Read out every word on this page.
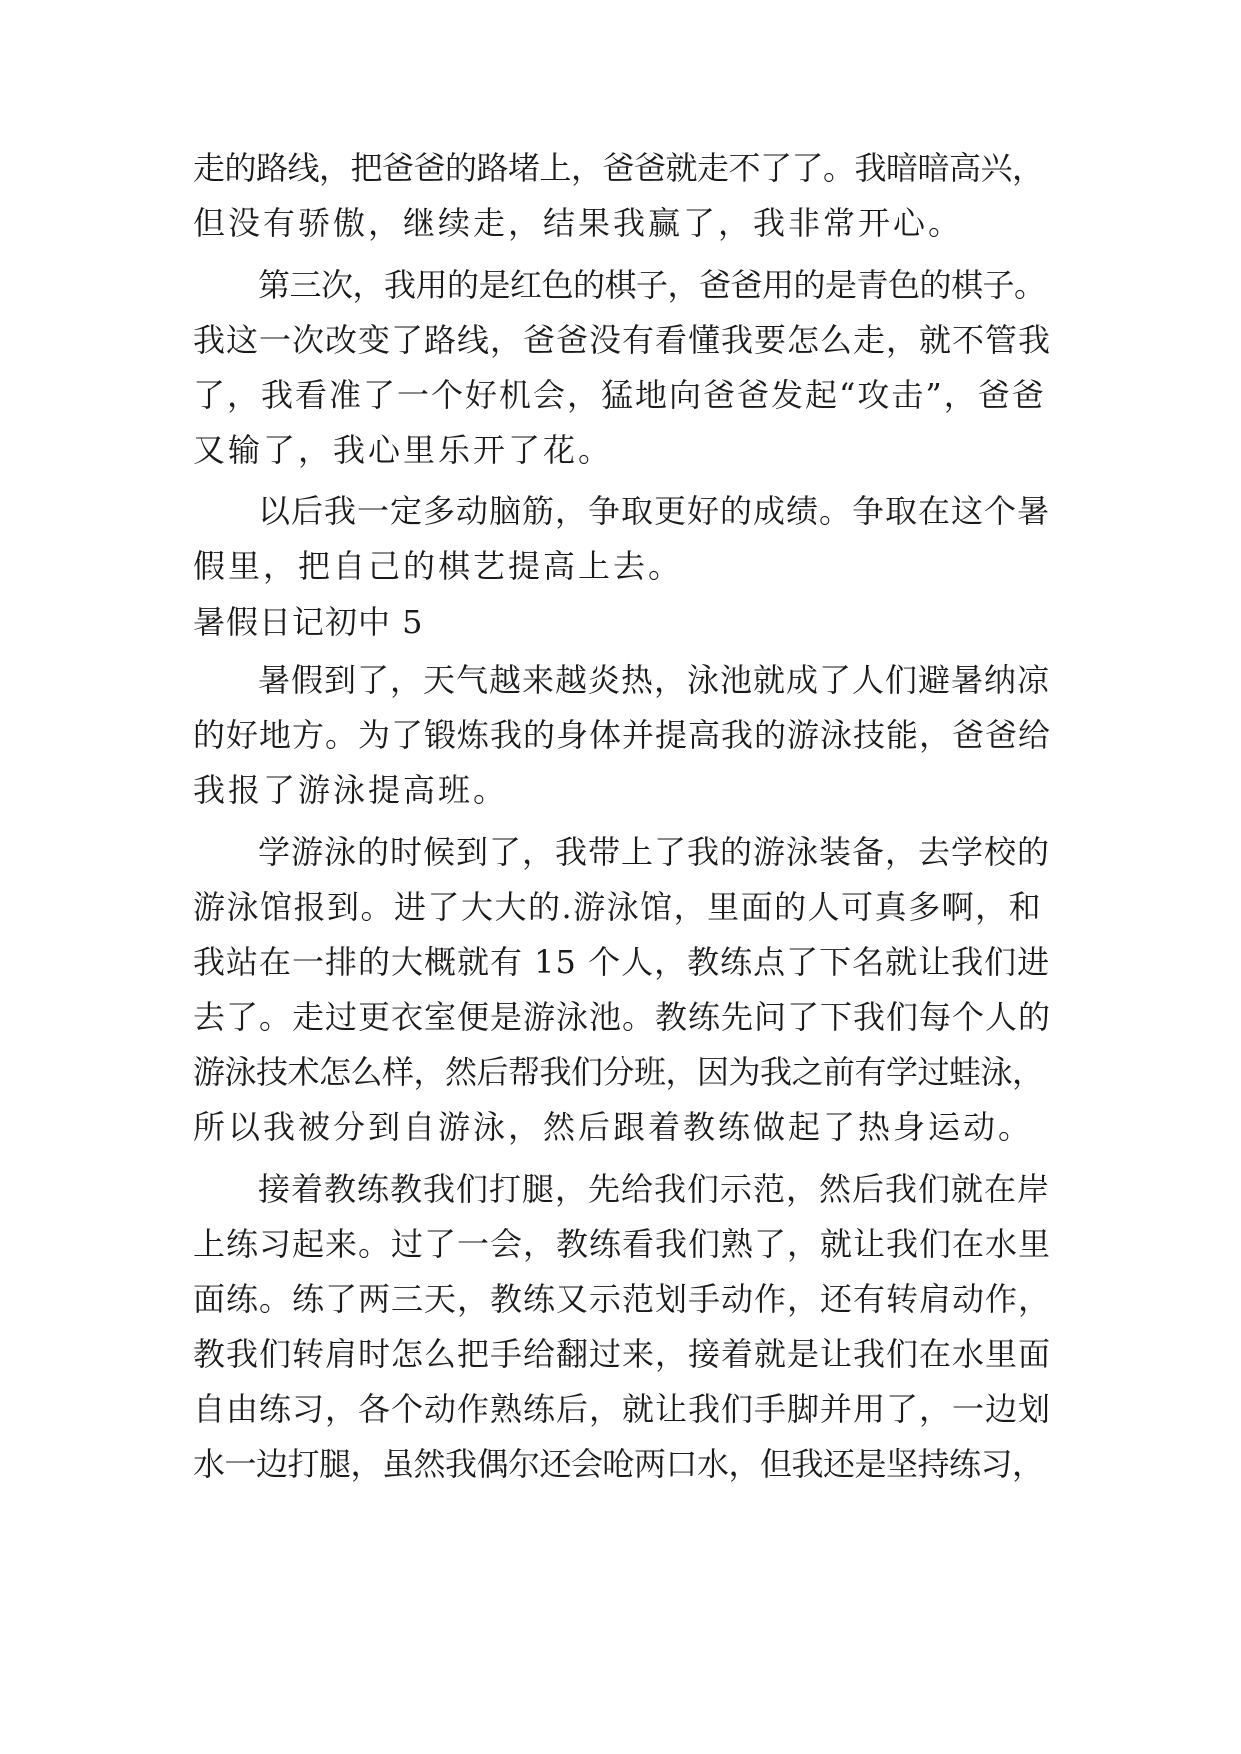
走的路线，把爸爸的路堵上，爸爸就走不了了。我暗暗高兴，
但没有骄傲，继续走，结果我赢了，我非常开心。
第三次，我用的是红色的棋子，爸爸用的是青色的棋子。
我这一次改变了路线，爸爸没有看懂我要怎么走，就不管我
了，我看准了一个好机会，猛地向爸爸发起“攻击”，爸爸
又输了，我心里乐开了花。
以后我一定多动脑筋，争取更好的成绩。争取在这个暑
假里，把自己的棋艺提高上去。
暑假日记初中 5
暑假到了，天气越来越炎热，泳池就成了人们避暑纳凉
的好地方。为了锻炼我的身体并提高我的游泳技能，爸爸给
我报了游泳提高班。
学游泳的时候到了，我带上了我的游泳装备，去学校的
游泳馆报到。进了大大的.游泳馆，里面的人可真多啊，和
我站在一排的大概就有 15 个人，教练点了下名就让我们进
去了。走过更衣室便是游泳池。教练先问了下我们每个人的
游泳技术怎么样，然后帮我们分班，因为我之前有学过蛙泳，
所以我被分到自游泳，然后跟着教练做起了热身运动。
接着教练教我们打腿，先给我们示范，然后我们就在岸
上练习起来。过了一会，教练看我们熟了，就让我们在水里
面练。练了两三天，教练又示范划手动作，还有转肩动作，
教我们转肩时怎么把手给翻过来，接着就是让我们在水里面
自由练习，各个动作熟练后，就让我们手脚并用了，一边划
水一边打腿，虽然我偶尔还会呛两口水，但我还是坚持练习，
